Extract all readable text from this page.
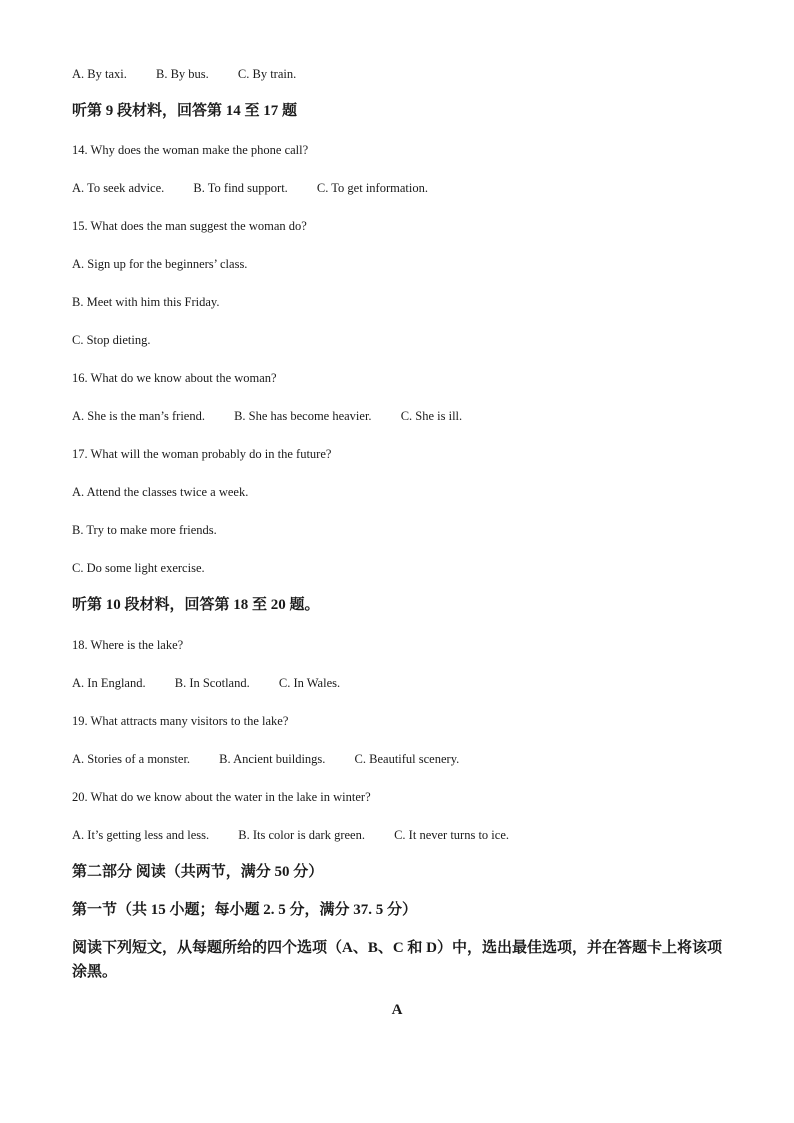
A. By taxi. B. By bus. C. By train.
听第 9 段材料，回答第 14 至 17 题
14. Why does the woman make the phone call?
A. To seek advice. B. To find support. C. To get information.
15. What does the man suggest the woman do?
A. Sign up for the beginners’ class.
B. Meet with him this Friday.
C. Stop dieting.
16. What do we know about the woman?
A. She is the man’s friend. B. She has become heavier. C. She is ill.
17. What will the woman probably do in the future?
A. Attend the classes twice a week.
B. Try to make more friends.
C. Do some light exercise.
听第 10 段材料，回答第 18 至 20 题。
18. Where is the lake?
A. In England. B. In Scotland. C. In Wales.
19. What attracts many visitors to the lake?
A. Stories of a monster. B. Ancient buildings. C. Beautiful scenery.
20. What do we know about the water in the lake in winter?
A. It’s getting less and less. B. Its color is dark green. C. It never turns to ice.
第二部分 阅读（共两节，满分 50 分）
第一节（共 15 小题；每小题 2. 5 分，满分 37. 5 分）
阅读下列短文，从每题所给的四个选项（A、B、C 和 D）中，选出最佳选项，并在答题卡上将该项涂黑。
A
